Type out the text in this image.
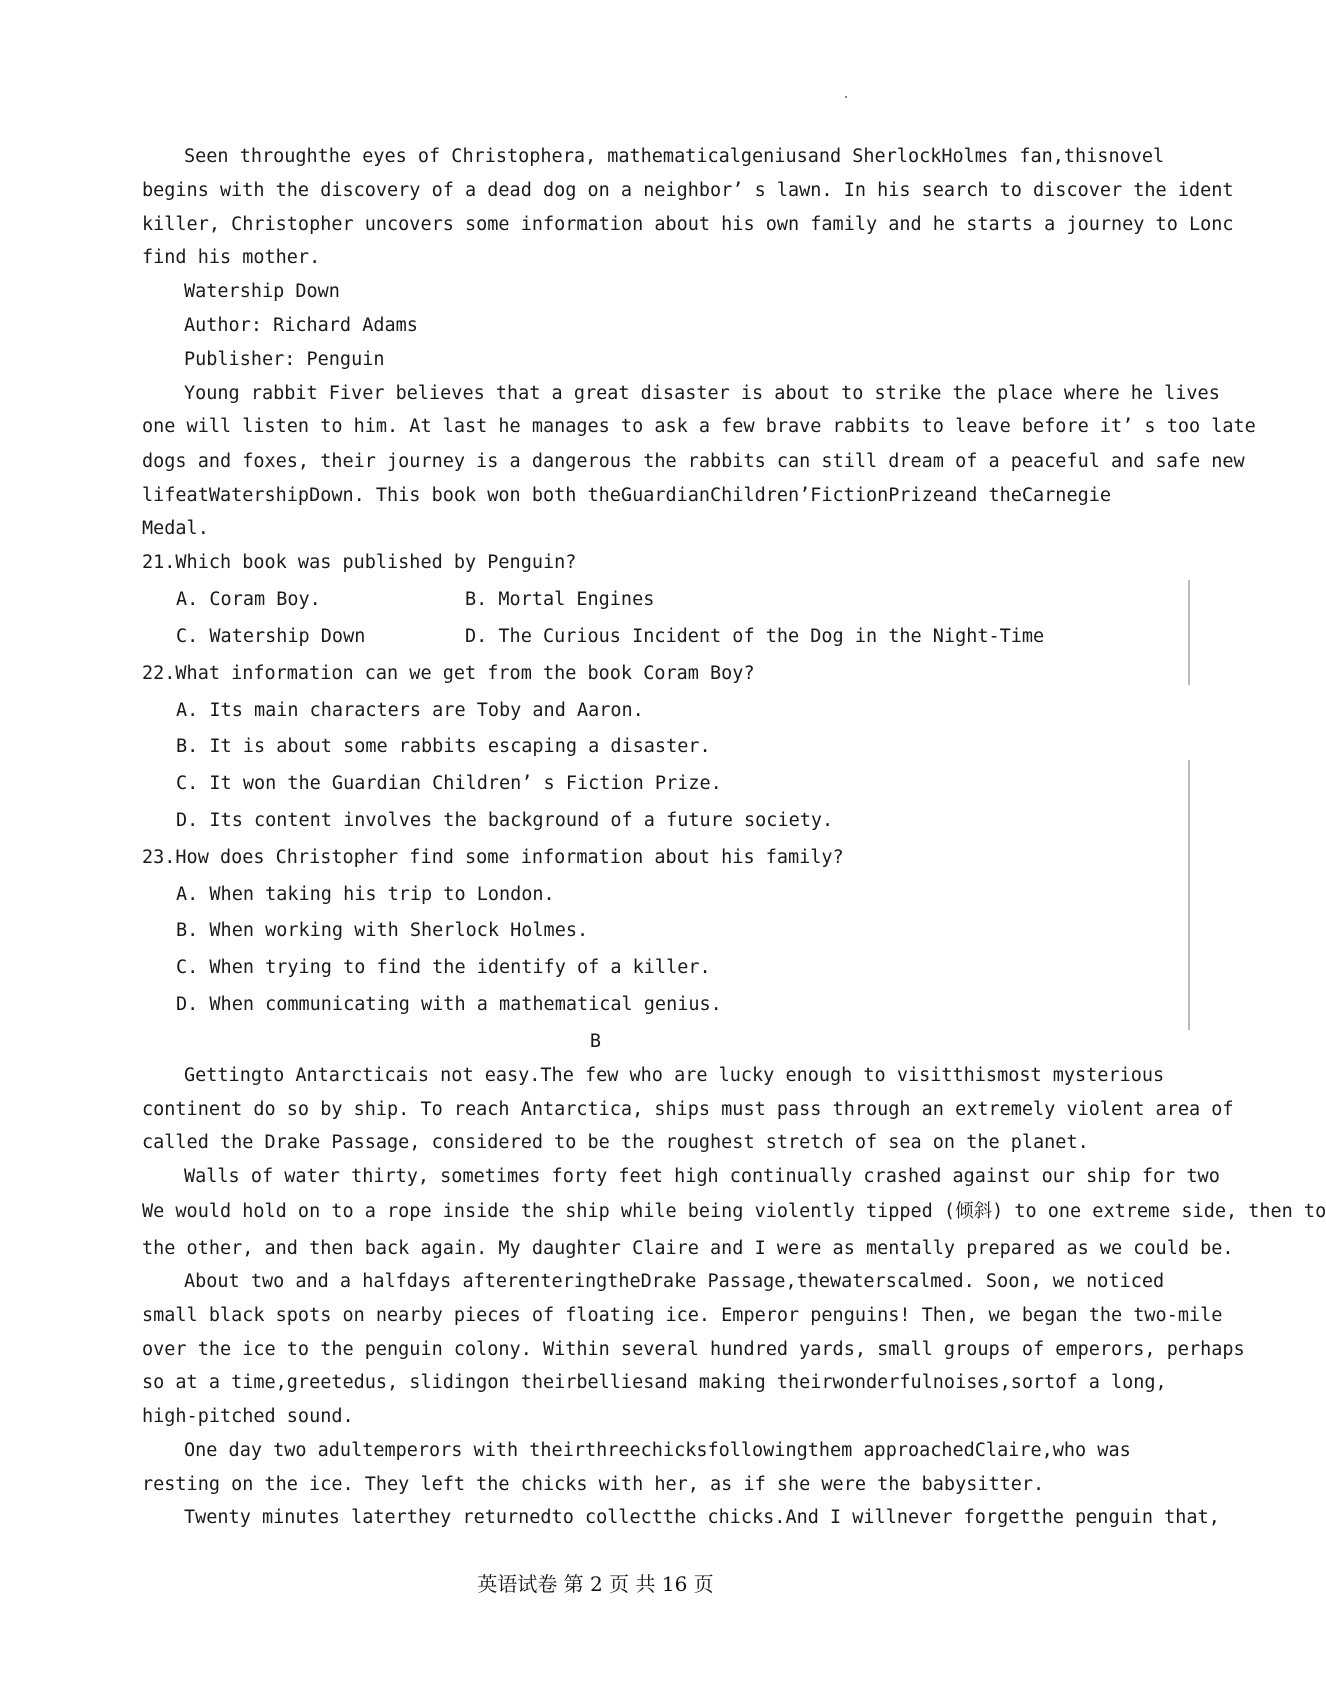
Seen throughthe eyes of Christophera, mathematicalgeniusand SherlockHolmes fan,thisnovel
begins with the discovery of a dead dog on a neighbor’ s lawn. In his search to discover the ident
killer, Christopher uncovers some information about his own family and he starts a journey to Lonc
find his mother.
Watership Down
Author: Richard Adams
Publisher: Penguin
Young rabbit Fiver believes that a great disaster is about to strike the place where he lives
one will listen to him. At last he manages to ask a few brave rabbits to leave before it’ s too late
dogs and foxes, their journey is a dangerous the rabbits can still dream of a peaceful and safe new
lifeatWatershipDown. This book won both theGuardianChildren’FictionPrizeand theCarnegie
Medal.
21.Which book was published by Penguin?
A. Coram Boy.	B. Mortal Engines
C. Watership Down	D. The Curious Incident of the Dog in the Night-Time
22.What information can we get from the book Coram Boy?
A. Its main characters are Toby and Aaron.
B. It is about some rabbits escaping a disaster.
C. It won the Guardian Children’ s Fiction Prize.
D. Its content involves the background of a future society.
23.How does Christopher find some information about his family?
A. When taking his trip to London.
B. When working with Sherlock Holmes.
C. When trying to find the identify of a killer.
D. When communicating with a mathematical genius.
B
Gettingto Antarcticais not easy.The few who are lucky enough to visitthismost mysterious
continent do so by ship. To reach Antarctica, ships must pass through an extremely violent area of
called the Drake Passage, considered to be the roughest stretch of sea on the planet.
Walls of water thirty, sometimes forty feet high continually crashed against our ship for two
We would hold on to a rope inside the ship while being violently tipped (倾斜) to one extreme side, then to
the other, and then back again. My daughter Claire and I were as mentally prepared as we could be.
About two and a halfdays afterenteringtheDrake Passage,thewaterscalmed. Soon, we noticed
small black spots on nearby pieces of floating ice. Emperor penguins! Then, we began the two-mile
over the ice to the penguin colony. Within several hundred yards, small groups of emperors, perhaps
so at a time,greetedus, slidingon theirbelliesand making theirwonderfulnoises,sortof a long,
high-pitched sound.
One day two adultemperors with theirthreechicksfollowingthem approachedClaire,who was
resting on the ice. They left the chicks with her, as if she were the babysitter.
Twenty minutes laterthey returnedto collectthe chicks.And I willnever forgetthe penguin that,
英语试卷 第 2 页 共 16 页
